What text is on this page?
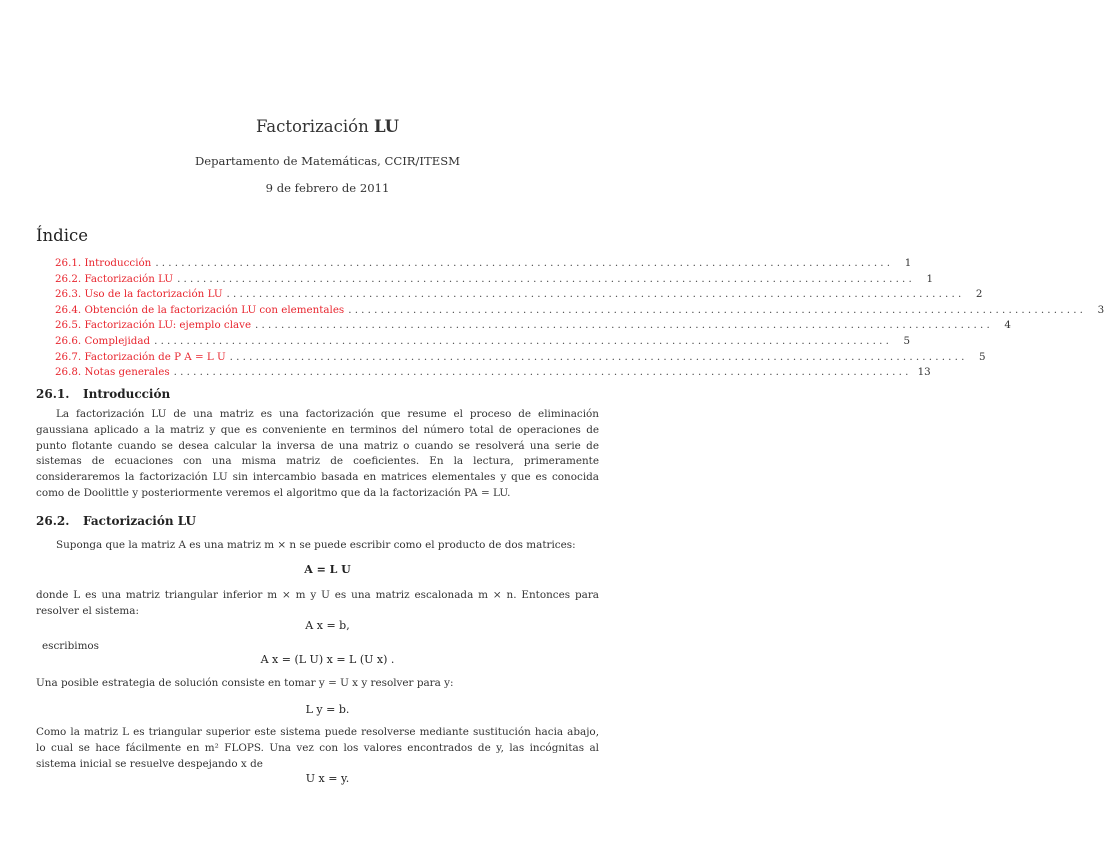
Factorización LU
Departamento de Matemáticas, CCIR/ITESM
9 de febrero de 2011
Índice
26.1. Introducción ..................................................................................................................	1
26.2. Factorización LU ..................................................................................................................	1
26.3. Uso de la factorización LU ..................................................................................................................	2
26.4. Obtención de la factorización LU con elementales ..................................................................................................................	3
26.5. Factorización LU: ejemplo clave ..................................................................................................................	4
26.6. Complejidad ..................................................................................................................	5
26.7. Factorización de P A = L U ..................................................................................................................	5
26.8. Notas generales .................................................................................................................. 13
26.1. Introducción
La factorización LU de una matriz es una factorización que resume el proceso de eliminación gaussiana aplicado a la matriz y que es conveniente en terminos del número total de operaciones de punto flotante cuando se desea calcular la inversa de una matriz o cuando se resolverá una serie de sistemas de ecuaciones con una misma matriz de coeficientes. En la lectura, primeramente consideraremos la factorización LU sin intercambio basada en matrices elementales y que es conocida como de Doolittle y posteriormente veremos el algoritmo que da la factorización PA = LU.
26.2. Factorización LU
Suponga que la matriz A es una matriz m × n se puede escribir como el producto de dos matrices:
A = L U
donde L es una matriz triangular inferior m × m y U es una matriz escalonada m × n. Entonces para resolver el sistema:
A x = b,
escribimos
A x = (L U) x = L (U x) .
Una posible estrategia de solución consiste en tomar y = U x y resolver para y:
L y = b.
Como la matriz L es triangular superior este sistema puede resolverse mediante sustitución hacia abajo, lo cual se hace fácilmente en m² FLOPS. Una vez con los valores encontrados de y, las incógnitas al sistema inicial se resuelve despejando x de
U x = y.
